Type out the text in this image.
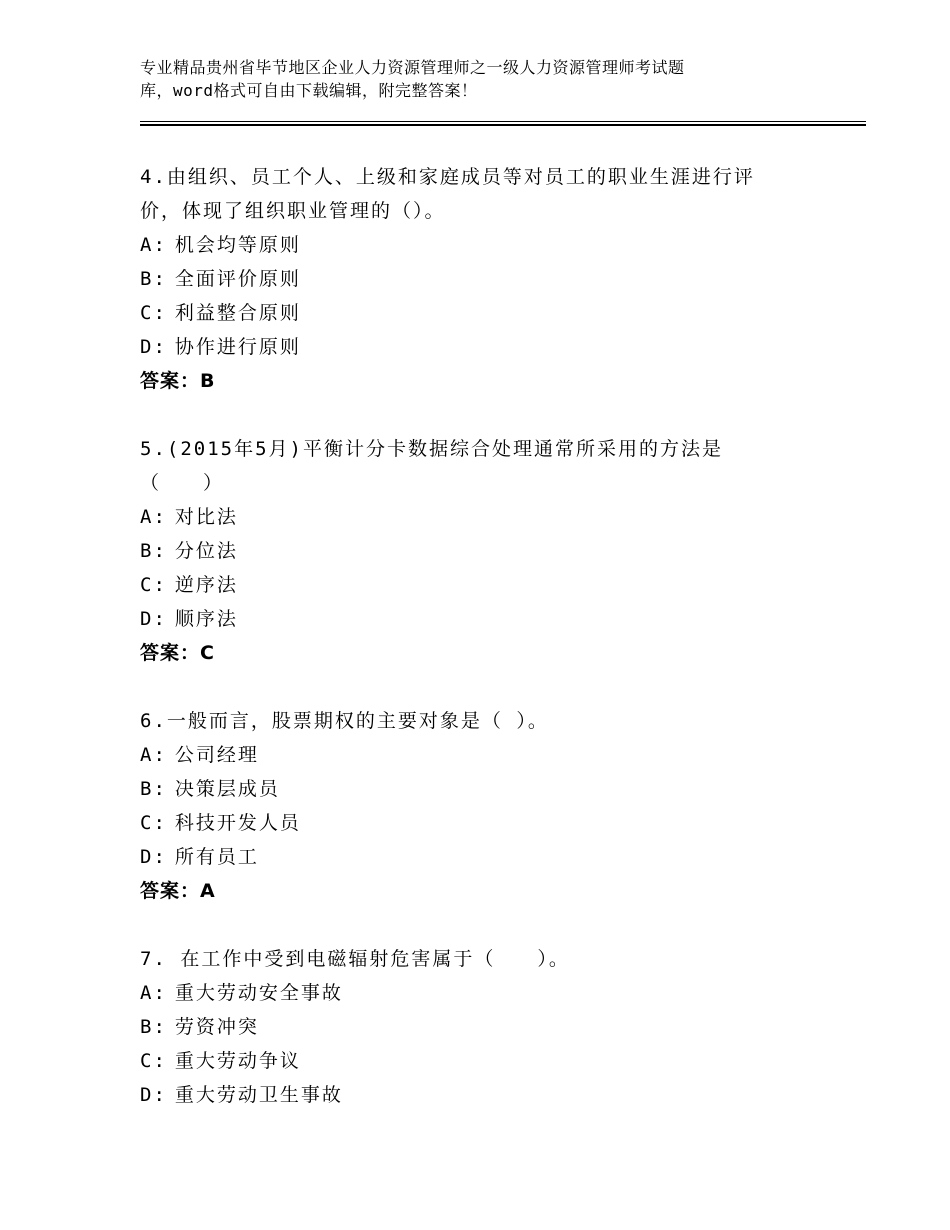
专业精品贵州省毕节地区企业人力资源管理师之一级人力资源管理师考试题
库，word格式可自由下载编辑，附完整答案！

4.由组织、员工个人、上级和家庭成员等对员工的职业生涯进行评

价，体现了组织职业管理的（）。

A: 机会均等原则

B: 全面评价原则

C: 利益整合原则

D: 协作进行原则

答案：B

5.(2015年5月)平衡计分卡数据综合处理通常所采用的方法是

（　　）

A: 对比法

B: 分位法

C: 逆序法

D: 顺序法

答案：C

6.一般而言，股票期权的主要对象是（ ）。

A: 公司经理

B: 决策层成员

C: 科技开发人员

D: 所有员工

答案：A

7. 在工作中受到电磁辐射危害属于（　　）。

A: 重大劳动安全事故

B: 劳资冲突

C: 重大劳动争议

D: 重大劳动卫生事故
